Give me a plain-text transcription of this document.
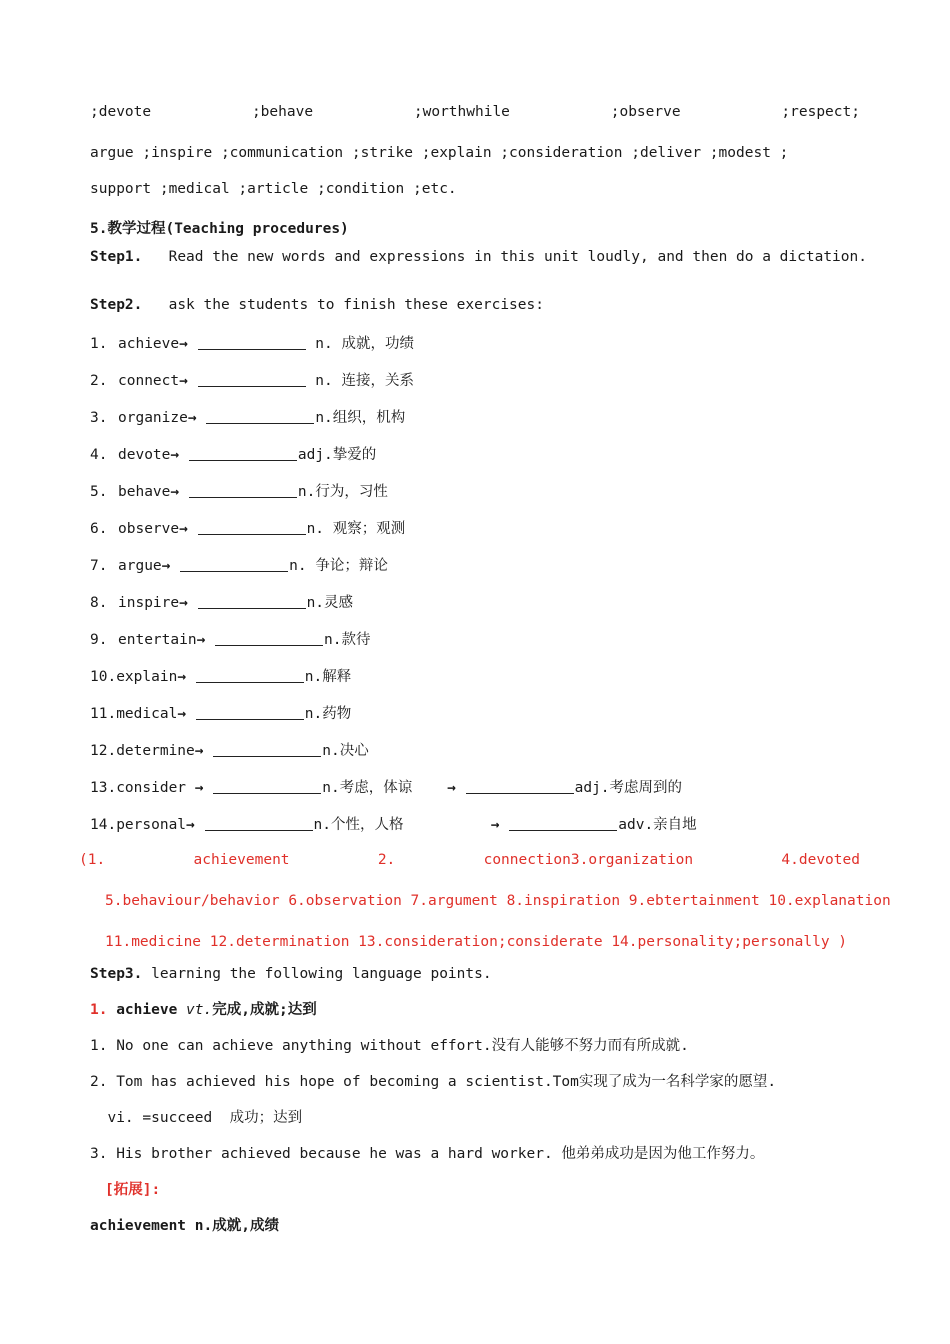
;devote	;behave	;worthwhile	;observe	;respect;
argue ;inspire ;communication ;strike ;explain ;consideration ;deliver ;modest ;
support ;medical ;article ;condition ;etc.
5.教学过程(Teaching procedures)
Step1. Read the new words and expressions in this unit loudly, and then do a dictation.
Step2. ask the students to finish these exercises:
1. achieve→	n. 成就，功绩
2. connect→	n. 连接，关系
3. organize→	n.组织，机构
4. devote→	adj.挚爱的
5. behave→	n.行为，习性
6. observe→	n. 观察；观测
7. argue→	n. 争论；辩论
8. inspire→	n.灵感
9. entertain→	n.款待
10.explain→	n.解释
11.medical→	n.药物
12.determine→	n.决心
13.consider →	n.考虑，体谅 →	adj.考虑周到的
14.personal→	n.个性，人格	→	adv.亲自地
(1.	achievement	2.	connection3.organization	4.devoted
5.behaviour/behavior 6.observation 7.argument 8.inspiration 9.ebtertainment 10.explanation
11.medicine 12.determination 13.consideration;considerate 14.personality;personally )
Step3. learning the following language points.
1. achieve vt.完成,成就;达到
1. No one can achieve anything without effort.没有人能够不努力而有所成就.
2. Tom has achieved his hope of becoming a scientist.Tom实现了成为一名科学家的愿望.
vi. =succeed  成功；达到
3. His brother achieved because he was a hard worker. 他弟弟成功是因为他工作努力。
[拓展]:
achievement n.成就,成绩
